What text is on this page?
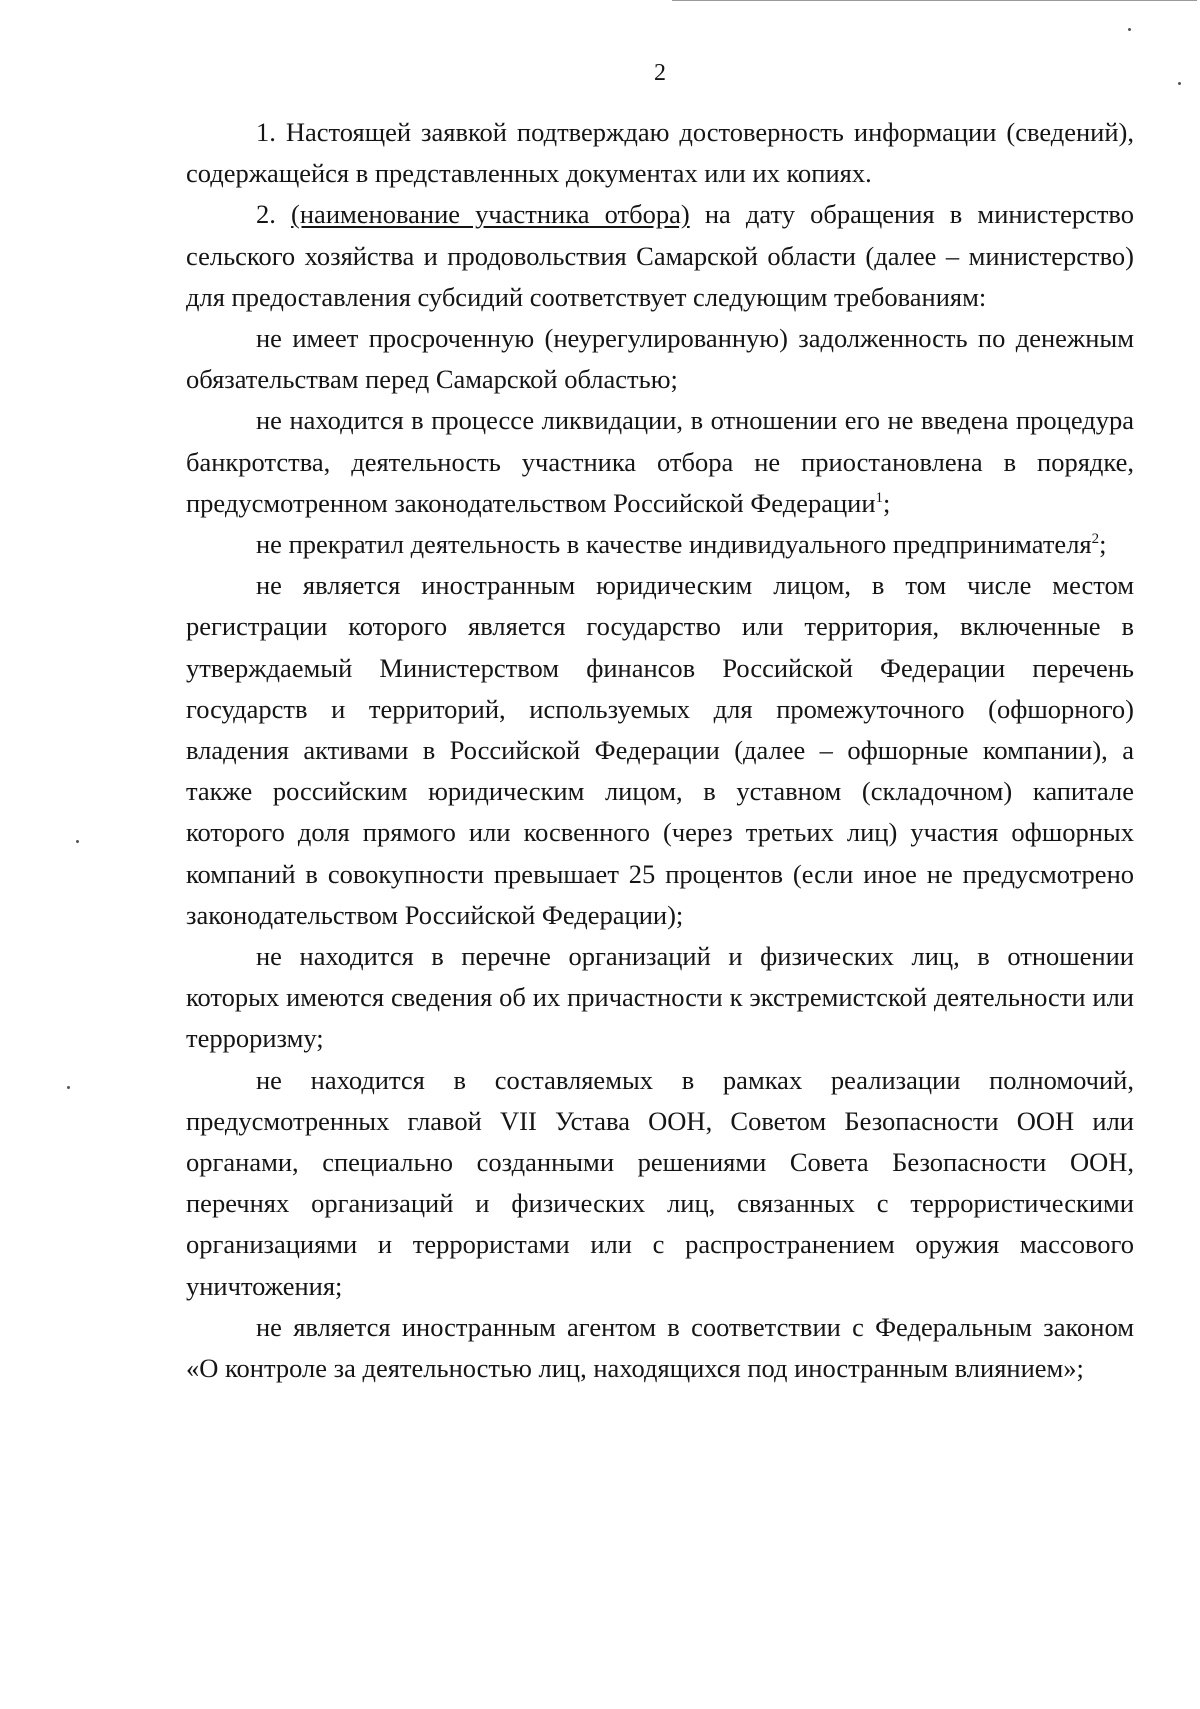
2

1. Настоящей заявкой подтверждаю достоверность информации (сведений), содержащейся в представленных документах или их копиях.

2. (наименование участника отбора) на дату обращения в министерство сельского хозяйства и продовольствия Самарской области (далее – министерство) для предоставления субсидий соответствует следующим требованиям:

не имеет просроченную (неурегулированную) задолженность по денежным обязательствам перед Самарской областью;

не находится в процессе ликвидации, в отношении его не введена процедура банкротства, деятельность участника отбора не приостановлена в порядке, предусмотренном законодательством Российской Федерации$^1$;

не прекратил деятельность в качестве индивидуального предпринимателя$^2$;

не является иностранным юридическим лицом, в том числе местом регистрации которого является государство или территория, включенные в утверждаемый Министерством финансов Российской Федерации перечень государств и территорий, используемых для промежуточного (офшорного) владения активами в Российской Федерации (далее – офшорные компании), а также российским юридическим лицом, в уставном (складочном) капитале которого доля прямого или косвенного (через третьих лиц) участия офшорных компаний в совокупности превышает 25 процентов (если иное не предусмотрено законодательством Российской Федерации);

не находится в перечне организаций и физических лиц, в отношении которых имеются сведения об их причастности к экстремистской деятельности или терроризму;

не находится в составляемых в рамках реализации полномочий, предусмотренных главой VII Устава ООН, Советом Безопасности ООН или органами, специально созданными решениями Совета Безопасности ООН, перечнях организаций и физических лиц, связанных с террористическими организациями и террористами или с распространением оружия массового уничтожения;

не является иностранным агентом в соответствии с Федеральным законом «О контроле за деятельностью лиц, находящихся под иностранным влиянием»;
